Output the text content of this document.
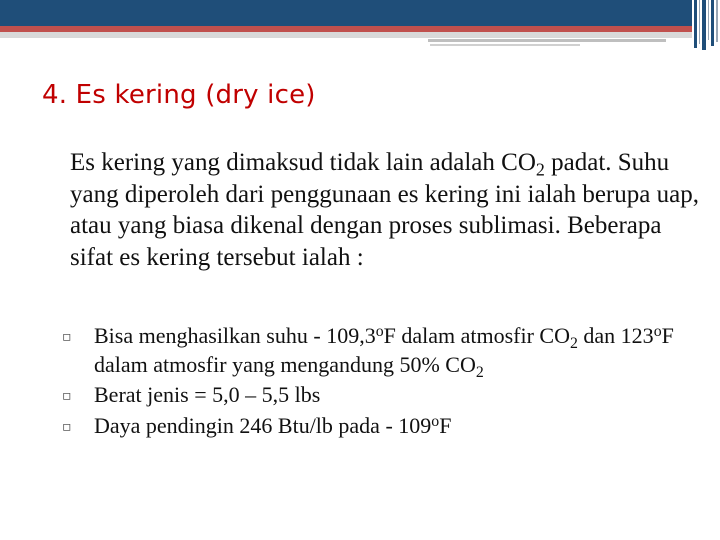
4. Es kering (dry ice)

Es kering yang dimaksud tidak lain adalah $CO_2$ padat. Suhu yang diperoleh dari penggunaan es kering ini ialah berupa uap, atau yang biasa dikenal dengan proses sublimasi. Beberapa sifat es kering tersebut ialah :

▫ Bisa menghasilkan suhu - 109,3$^o$F dalam atmosfir $CO_2$ dan 123$^o$F dalam atmosfir yang mengandung 50% $CO_2$
▫ Berat jenis = 5,0 – 5,5 lbs
▫ Daya pendingin 246 Btu/lb pada - 109$^o$F
